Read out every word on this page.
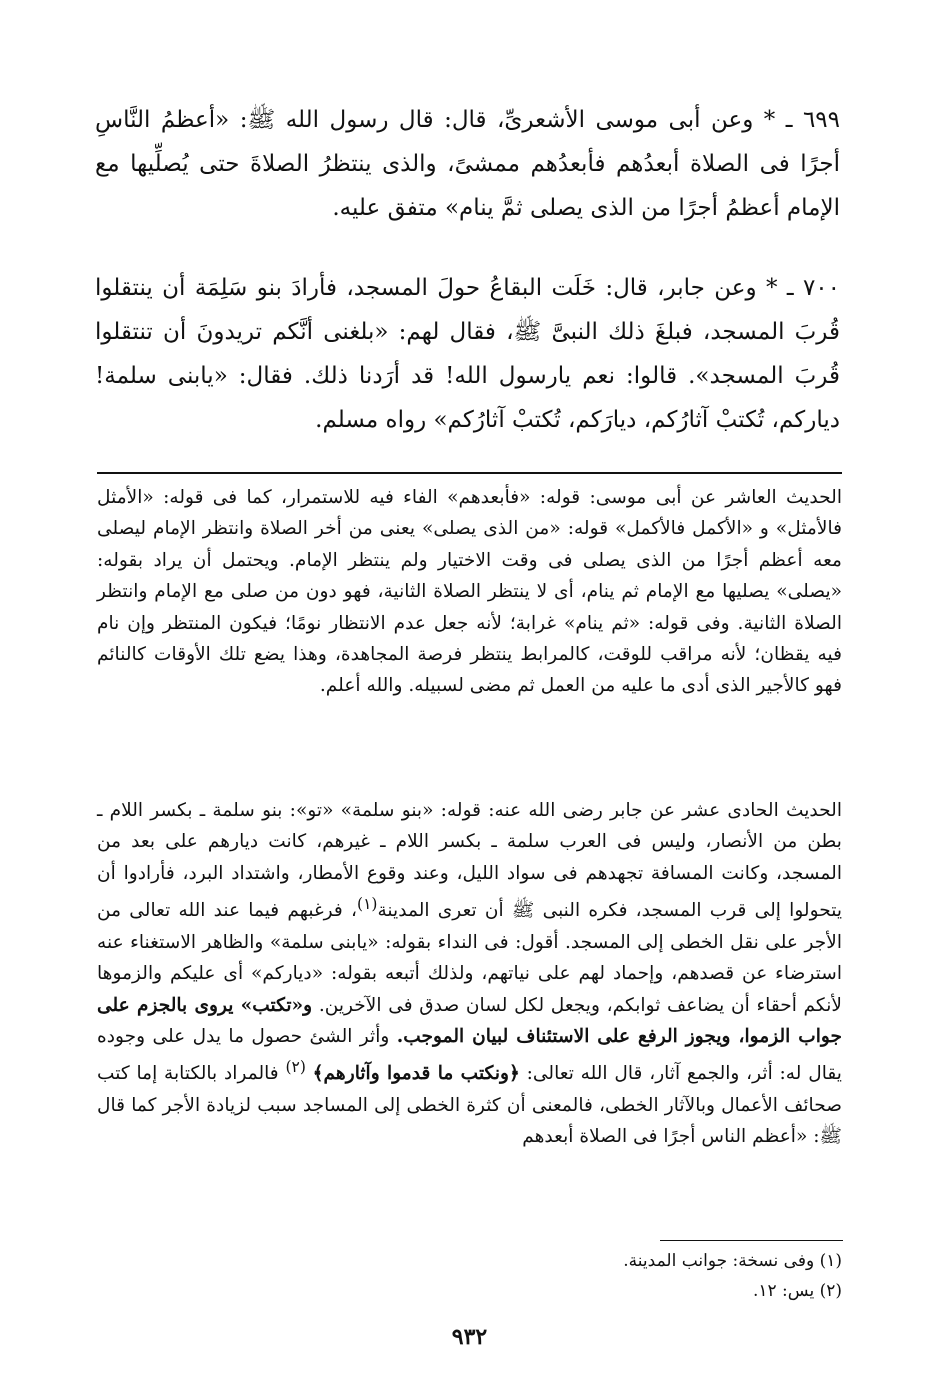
٦٩٩ ـ * وعن أبى موسى الأشعرىِّ، قال: قال رسول الله ﷺ: «أعظمُ النَّاسِ أجرًا فى الصلاة أبعدُهم فأبعدُهم ممشىً، والذى ينتظرُ الصلاةَ حتى يُصلِّيها مع الإمام أعظمُ أجرًا من الذى يصلى ثمَّ ينام» متفق عليه.

٧٠٠ ـ * وعن جابر، قال: خَلَت البقاعُ حولَ المسجد، فأرادَ بنو سَلِمَة أن ينتقلوا قُربَ المسجد، فبلغَ ذلك النبىَّ ﷺ، فقال لهم: «بلغنى أنَّكم تريدونَ أن تنتقلوا قُربَ المسجد». قالوا: نعم يارسول الله! قد أرَدنا ذلك. فقال: «يابنى سلمة! دياركم، تُكتبْ آثارُكم، ديارَكم، تُكتبْ آثارُكم» رواه مسلم.

الحديث العاشر عن أبى موسى: قوله: «فأبعدهم» الفاء فيه للاستمرار، كما فى قوله: «الأمثل فالأمثل» و «الأكمل فالأكمل» قوله: «من الذى يصلى» يعنى من أخر الصلاة وانتظر الإمام ليصلى معه أعظم أجرًا من الذى يصلى فى وقت الاختيار ولم ينتظر الإمام. ويحتمل أن يراد بقوله: «يصلى» يصليها مع الإمام ثم ينام، أى لا ينتظر الصلاة الثانية، فهو دون من صلى مع الإمام وانتظر الصلاة الثانية. وفى قوله: «ثم ينام» غرابة؛ لأنه جعل عدم الانتظار نومًا؛ فيكون المنتظر وإن نام فيه يقظان؛ لأنه مراقب للوقت، كالمرابط ينتظر فرصة المجاهدة، وهذا يضع تلك الأوقات كالنائم فهو كالأجير الذى أدى ما عليه من العمل ثم مضى لسبيله. والله أعلم.

الحديث الحادى عشر عن جابر رضى الله عنه: قوله: «بنو سلمة» «تو»: بنو سلمة ـ بكسر اللام ـ بطن من الأنصار، وليس فى العرب سلمة ـ بكسر اللام ـ غيرهم، كانت ديارهم على بعد من المسجد، وكانت المسافة تجهدهم فى سواد الليل، وعند وقوع الأمطار، واشتداد البرد، فأرادوا أن يتحولوا إلى قرب المسجد، فكره النبى ﷺ أن تعرى المدينة$^{(١)}$، فرغبهم فيما عند الله تعالى من الأجر على نقل الخطى إلى المسجد. أقول: فى النداء بقوله: «يابنى سلمة» والظاهر الاستغناء عنه استرضاء عن قصدهم، وإحماد لهم على نياتهم، ولذلك أتبعه بقوله: «دياركم» أى عليكم والزموها لأنكم أحقاء أن يضاعف ثوابكم، ويجعل لكل لسان صدق فى الآخرين. و«تكتب» يروى بالجزم على جواب الزموا، ويجوز الرفع على الاستئناف لبيان الموجب. وأثر الشئ حصول ما يدل على وجوده يقال له: أثر، والجمع آثار، قال الله تعالى: ﴿ونكتب ما قدموا وآثارهم﴾ $^{(٢)}$ فالمراد بالكتابة إما كتب صحائف الأعمال وبالآثار الخطى، فالمعنى أن كثرة الخطى إلى المساجد سبب لزيادة الأجر كما قال ﷺ: «أعظم الناس أجرًا فى الصلاة أبعدهم

(١) وفى نسخة: جوانب المدينة.

(٢) يس: ١٢.

٩٣٢
